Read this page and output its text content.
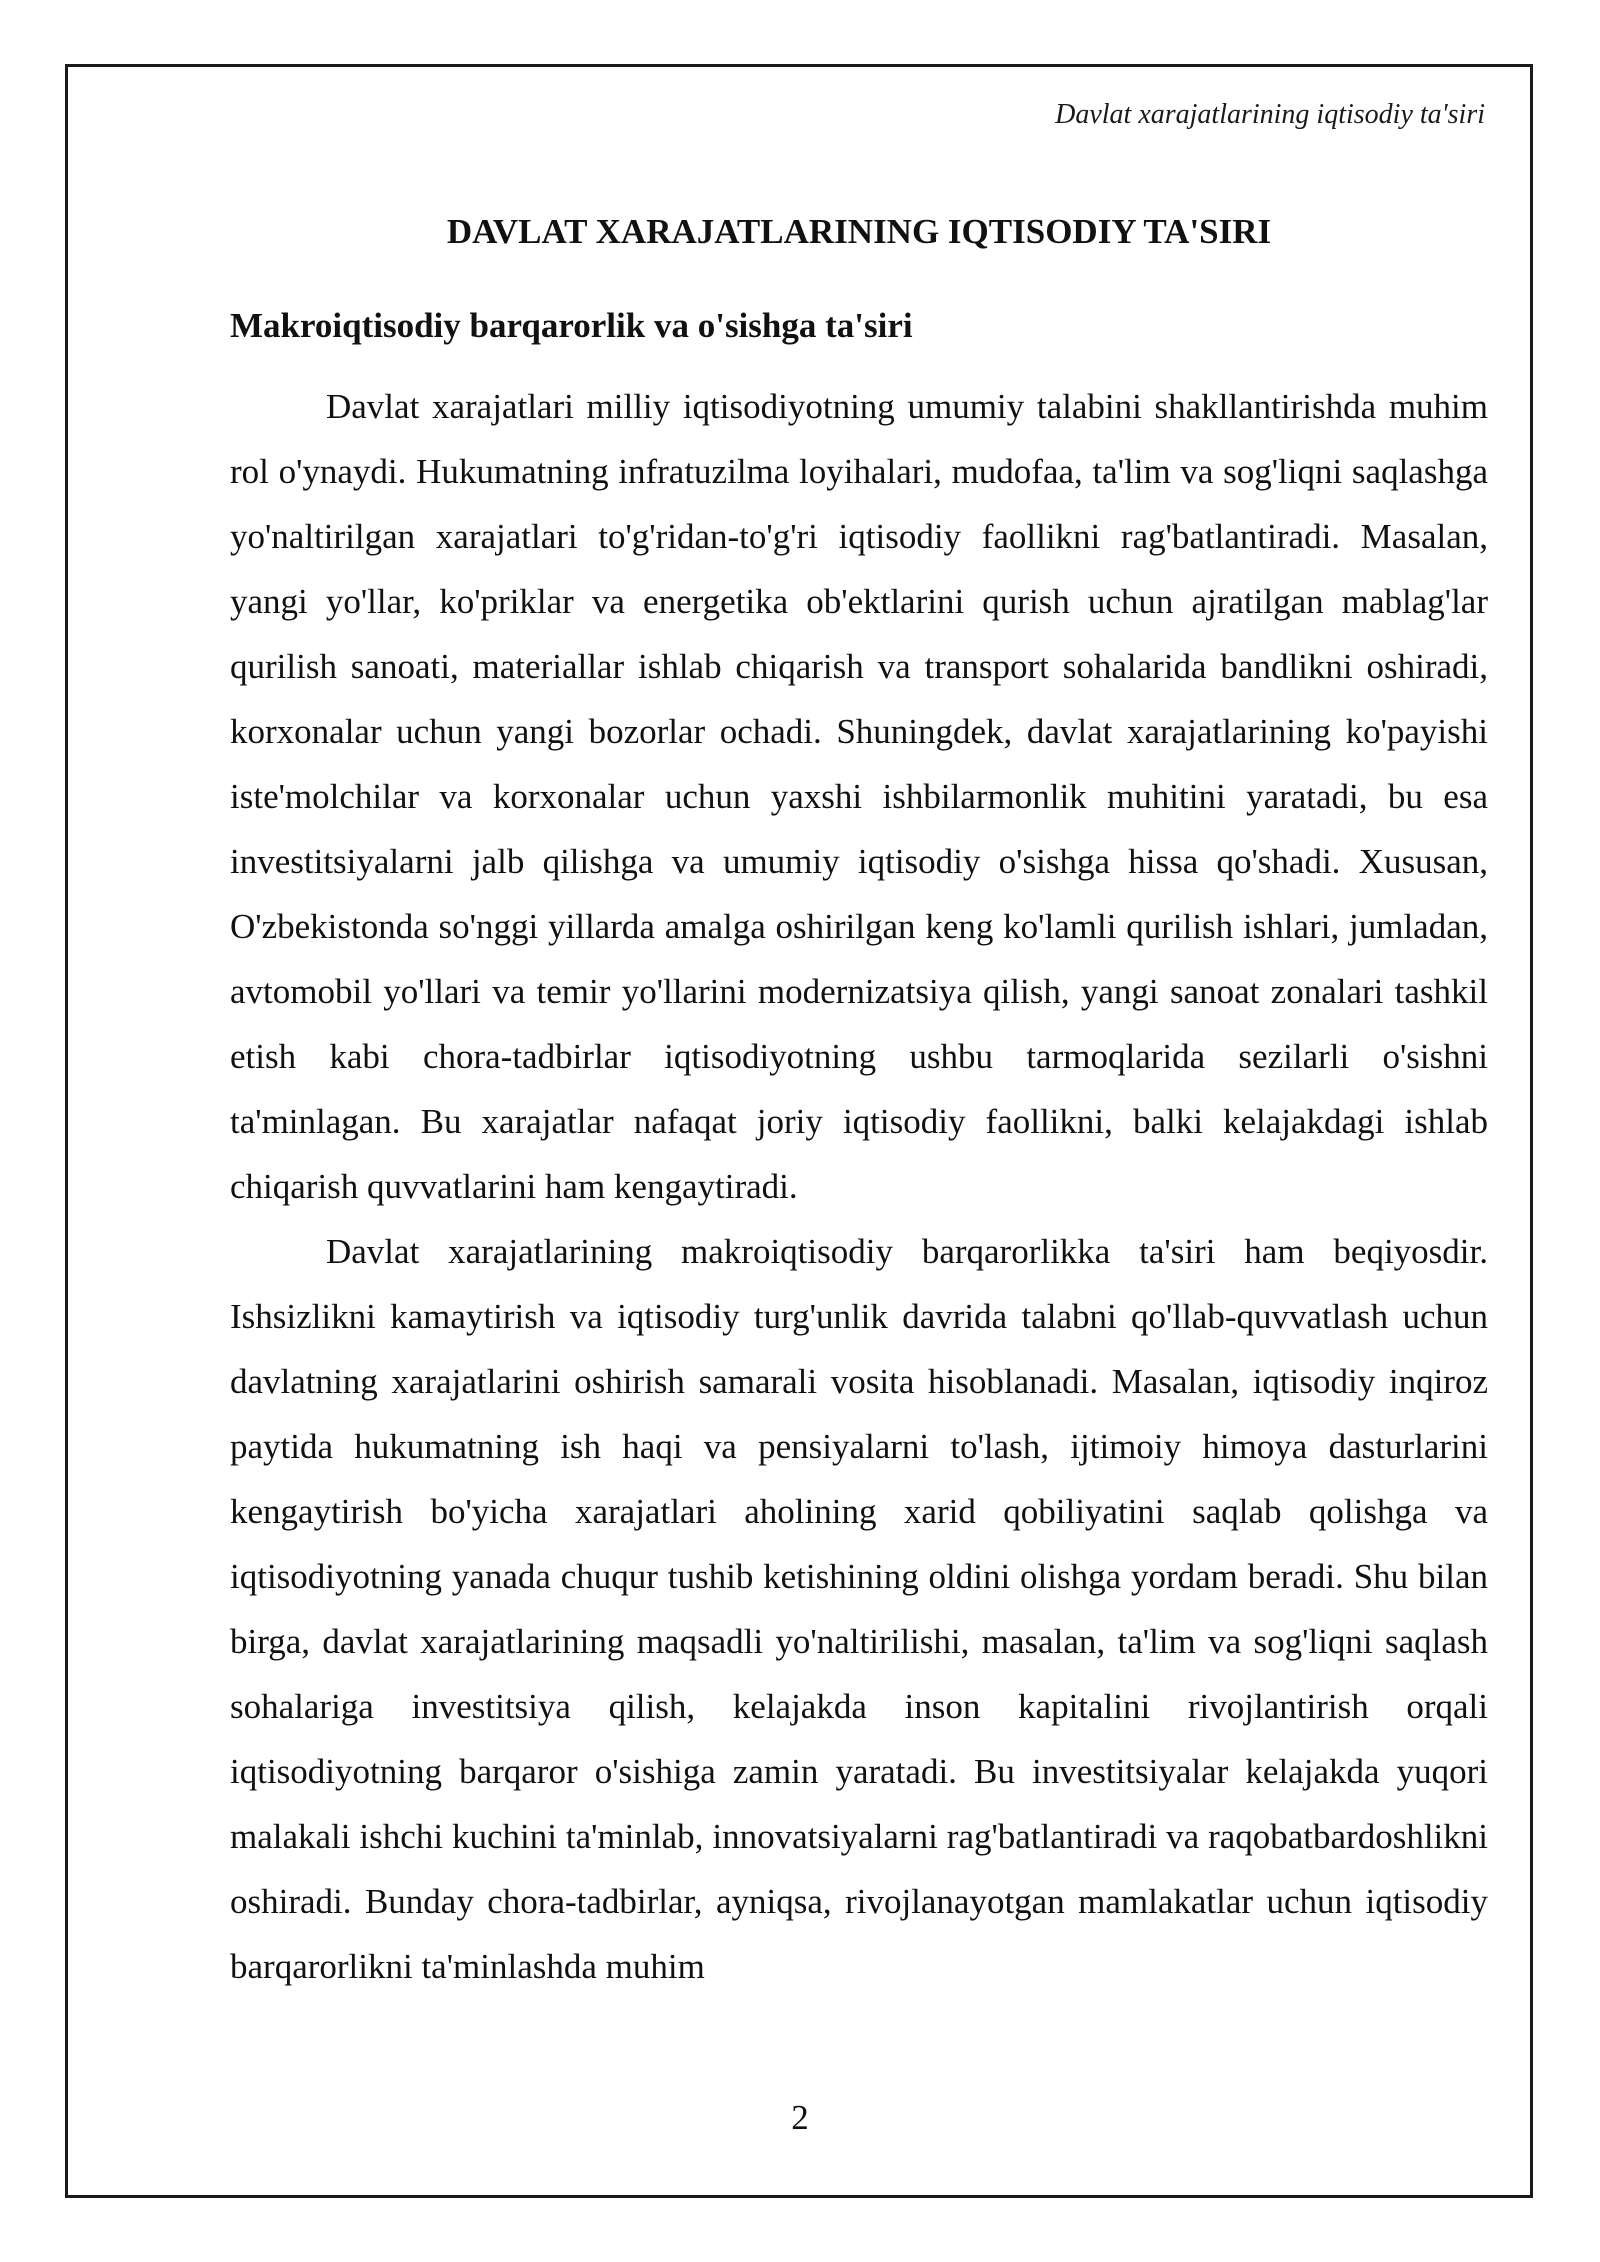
Davlat xarajatlarining iqtisodiy ta'siri
DAVLAT XARAJATLARINING IQTISODIY TA'SIRI
Makroiqtisodiy barqarorlik va o'sishga ta'siri

Davlat xarajatlari milliy iqtisodiyotning umumiy talabini shakllantirishda muhim rol o'ynaydi. Hukumatning infratuzilma loyihalari, mudofaa, ta'lim va sog'liqni saqlashga yo'naltirilgan xarajatlari to'g'ridan-to'g'ri iqtisodiy faollikni rag'batlantiradi. Masalan, yangi yo'llar, ko'priklar va energetika ob'ektlarini qurish uchun ajratilgan mablag'lar qurilish sanoati, materiallar ishlab chiqarish va transport sohalarida bandlikni oshiradi, korxonalar uchun yangi bozorlar ochadi. Shuningdek, davlat xarajatlarining ko'payishi iste'molchilar va korxonalar uchun yaxshi ishbilarmonlik muhitini yaratadi, bu esa investitsiyalarni jalb qilishga va umumiy iqtisodiy o'sishga hissa qo'shadi. Xususan, O'zbekistonda so'nggi yillarda amalga oshirilgan keng ko'lamli qurilish ishlari, jumladan, avtomobil yo'llari va temir yo'llarini modernizatsiya qilish, yangi sanoat zonalari tashkil etish kabi chora-tadbirlar iqtisodiyotning ushbu tarmoqlarida sezilarli o'sishni ta'minlagan. Bu xarajatlar nafaqat joriy iqtisodiy faollikni, balki kelajakdagi ishlab chiqarish quvvatlarini ham kengaytiradi.

Davlat xarajatlarining makroiqtisodiy barqarorlikka ta'siri ham beqiyosdir. Ishsizlikni kamaytirish va iqtisodiy turg'unlik davrida talabni qo'llab-quvvatlash uchun davlatning xarajatlarini oshirish samarali vosita hisoblanadi. Masalan, iqtisodiy inqiroz paytida hukumatning ish haqi va pensiyalarni to'lash, ijtimoiy himoya dasturlarini kengaytirish bo'yicha xarajatlari aholining xarid qobiliyatini saqlab qolishga va iqtisodiyotning yanada chuqur tushib ketishining oldini olishga yordam beradi. Shu bilan birga, davlat xarajatlarining maqsadli yo'naltirilishi, masalan, ta'lim va sog'liqni saqlash sohalariga investitsiya qilish, kelajakda inson kapitalini rivojlantirish orqali iqtisodiyotning barqaror o'sishiga zamin yaratadi. Bu investitsiyalar kelajakda yuqori malakali ishchi kuchini ta'minlab, innovatsiyalarni rag'batlantiradi va raqobatbardoshlikni oshiradi. Bunday chora-tadbirlar, ayniqsa, rivojlanayotgan mamlakatlar uchun iqtisodiy barqarorlikni ta'minlashda muhim

2
